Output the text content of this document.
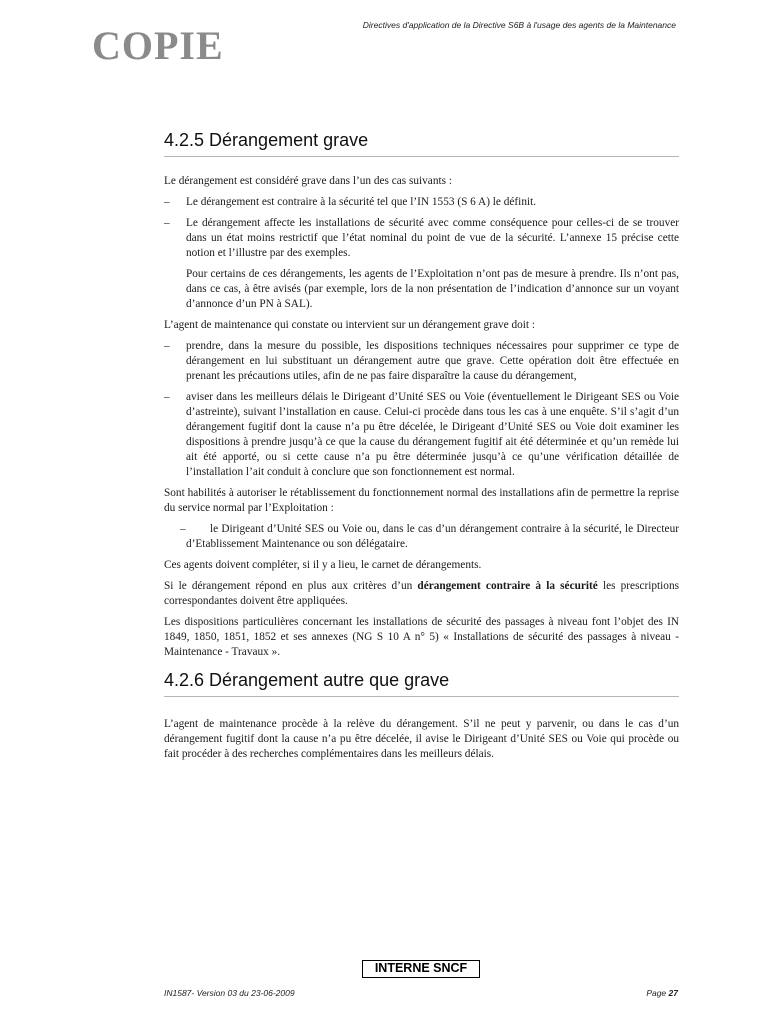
COPIE	Directives d'application de la Directive S6B à l'usage des agents de la Maintenance
4.2.5 Dérangement grave

Le dérangement est considéré grave dans l’un des cas suivants :

– Le dérangement est contraire à la sécurité tel que l’IN 1553 (S 6 A) le définit.
– Le dérangement affecte les installations de sécurité avec comme conséquence pour celles-ci de se trouver dans un état moins restrictif que l’état nominal du point de vue de la sécurité. L’annexe 15 précise cette notion et l’illustre par des exemples.

Pour certains de ces dérangements, les agents de l’Exploitation n’ont pas de mesure à prendre. Ils n’ont pas, dans ce cas, à être avisés (par exemple, lors de la non présentation de l’indication d’annonce sur un voyant d’annonce d’un PN à SAL).

L’agent de maintenance qui constate ou intervient sur un dérangement grave doit :

– prendre, dans la mesure du possible, les dispositions techniques nécessaires pour supprimer ce type de dérangement en lui substituant un dérangement autre que grave. Cette opération doit être effectuée en prenant les précautions utiles, afin de ne pas faire disparaître la cause du dérangement,
– aviser dans les meilleurs délais le Dirigeant d’Unité SES ou Voie (éventuellement le Dirigeant SES ou Voie d’astreinte), suivant l’installation en cause. Celui-ci procède dans tous les cas à une enquête. S’il s’agit d’un dérangement fugitif dont la cause n’a pu être décelée, le Dirigeant d’Unité SES ou Voie doit examiner les dispositions à prendre jusqu’à ce que la cause du dérangement fugitif ait été déterminée et qu’un remède lui ait été apporté, ou si cette cause n’a pu être déterminée jusqu’à ce qu’une vérification détaillée de l’installation l’ait conduit à conclure que son fonctionnement est normal.

Sont habilités à autoriser le rétablissement du fonctionnement normal des installations afin de permettre la reprise du service normal par l’Exploitation :

– le Dirigeant d’Unité SES ou Voie ou, dans le cas d’un dérangement contraire à la sécurité, le Directeur d’Etablissement Maintenance ou son délégataire.

Ces agents doivent compléter, si il y a lieu, le carnet de dérangements.

Si le dérangement répond en plus aux critères d’un dérangement contraire à la sécurité les prescriptions correspondantes doivent être appliquées.

Les dispositions particulières concernant les installations de sécurité des passages à niveau font l’objet des IN 1849, 1850, 1851, 1852 et ses annexes (NG S 10 A n° 5) « Installations de sécurité des passages à niveau - Maintenance - Travaux ».

4.2.6 Dérangement autre que grave

L’agent de maintenance procède à la relève du dérangement. S’il ne peut y parvenir, ou dans le cas d’un dérangement fugitif dont la cause n’a pu être décelée, il avise le Dirigeant d’Unité SES ou Voie qui procède ou fait procéder à des recherches complémentaires dans les meilleurs délais.

INTERNE SNCF
IN1587- Version 03 du 23-06-2009	Page 27
